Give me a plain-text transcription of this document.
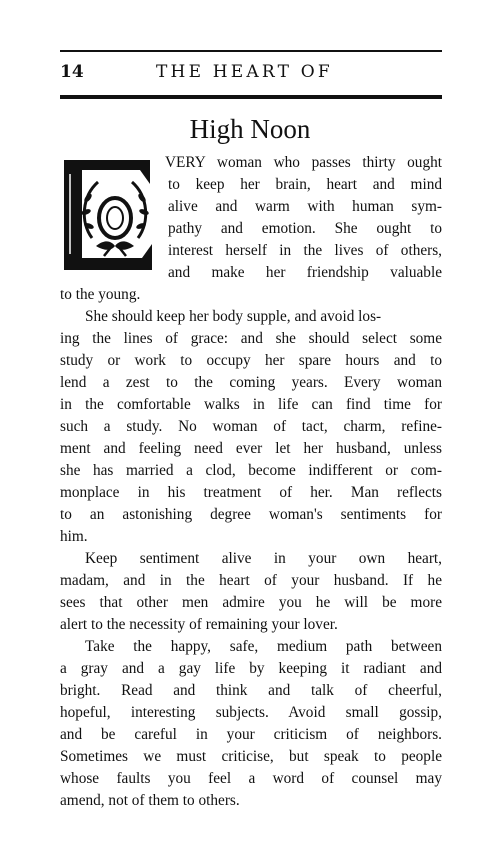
14	THE HEART OF
High Noon
VERY woman who passes thirty ought
to keep her brain, heart and mind
alive and warm with human sym-
pathy and emotion. She ought to
interest herself in the lives of others,
and make her friendship valuable
to the young.
She should keep her body supple, and avoid los-
ing the lines of grace: and she should select some
study or work to occupy her spare hours and to
lend a zest to the coming years. Every woman
in the comfortable walks in life can find time for
such a study. No woman of tact, charm, refine-
ment and feeling need ever let her husband, unless
she has married a clod, become indifferent or com-
monplace in his treatment of her. Man reflects
to an astonishing degree woman's sentiments for
him.
Keep sentiment alive in your own heart,
madam, and in the heart of your husband. If he
sees that other men admire you he will be more
alert to the necessity of remaining your lover.
Take the happy, safe, medium path between
a gray and a gay life by keeping it radiant and
bright. Read and think and talk of cheerful,
hopeful, interesting subjects. Avoid small gossip,
and be careful in your criticism of neighbors.
Sometimes we must criticise, but speak to people
whose faults you feel a word of counsel may
amend, not of them to others.
